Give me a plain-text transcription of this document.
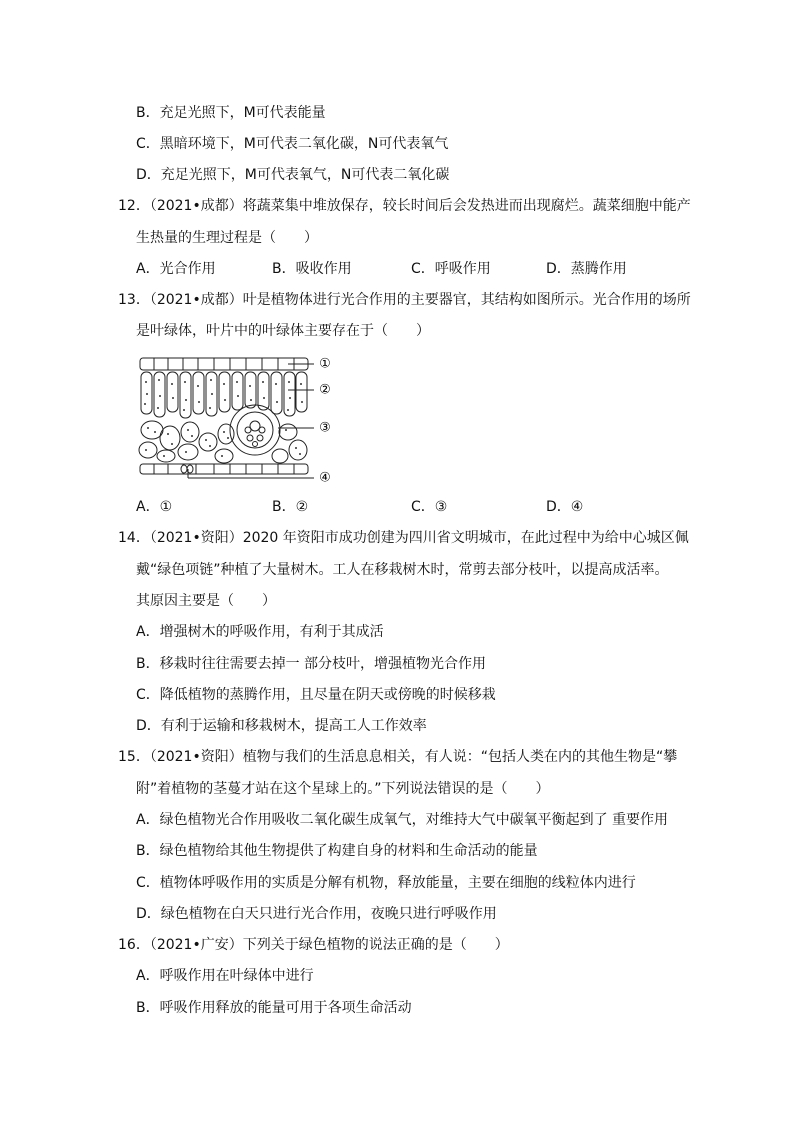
B．充足光照下，M可代表能量
C．黑暗环境下，M可代表二氧化碳，N可代表氧气
D．充足光照下，M可代表氧气，N可代表二氧化碳
12．（2021•成都）将蔬菜集中堆放保存，较长时间后会发热进而出现腐烂。蔬菜细胞中能产
生热量的生理过程是（　　）
A．光合作用	B．吸收作用	C．呼吸作用	D．蒸腾作用
13．（2021•成都）叶是植物体进行光合作用的主要器官，其结构如图所示。光合作用的场所
是叶绿体，叶片中的叶绿体主要存在于（　　）
①
②
③
④
A．①	B．②	C．③	D．④
14．（2021•资阳）2020 年资阳市成功创建为四川省文明城市，在此过程中为给中心城区佩
戴“绿色项链”种植了大量树木。工人在移栽树木时，常剪去部分枝叶，以提高成活率。
其原因主要是（　　）
A．增强树木的呼吸作用，有利于其成活
B．移栽时往往需要去掉一 部分枝叶，增强植物光合作用
C．降低植物的蒸腾作用，且尽量在阴天或傍晚的时候移栽
D．有利于运输和移栽树木，提高工人工作效率
15．（2021•资阳）植物与我们的生活息息相关，有人说：“包括人类在内的其他生物是“攀
附”着植物的茎蔓才站在这个星球上的。”下列说法错误的是（　　）
A．绿色植物光合作用吸收二氧化碳生成氧气，对维持大气中碳氧平衡起到了 重要作用
B．绿色植物给其他生物提供了构建自身的材料和生命活动的能量
C．植物体呼吸作用的实质是分解有机物，释放能量，主要在细胞的线粒体内进行
D．绿色植物在白天只进行光合作用，夜晚只进行呼吸作用
16．（2021•广安）下列关于绿色植物的说法正确的是（　　）
A．呼吸作用在叶绿体中进行
B．呼吸作用释放的能量可用于各项生命活动
